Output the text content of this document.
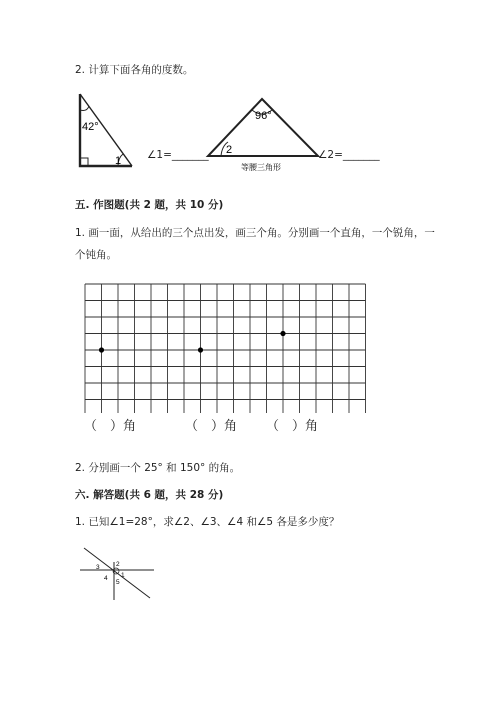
2. 计算下面各角的度数。
42°
1 ∠1=_______
96°
2
等腰三角形
∠2=_______
五. 作图题(共 2 题，共 10 分)
1. 画一面，从给出的三个点出发，画三个角。分别画一个直角，一个锐角，一
个钝角。
（　）角	（　）角 （　）角
2. 分别画一个 25° 和 150° 的角。
六. 解答题(共 6 题，共 28 分)
1. 已知∠1=28°，求∠2、∠3、∠4 和∠5 各是多少度？
1
2
3
4
5
